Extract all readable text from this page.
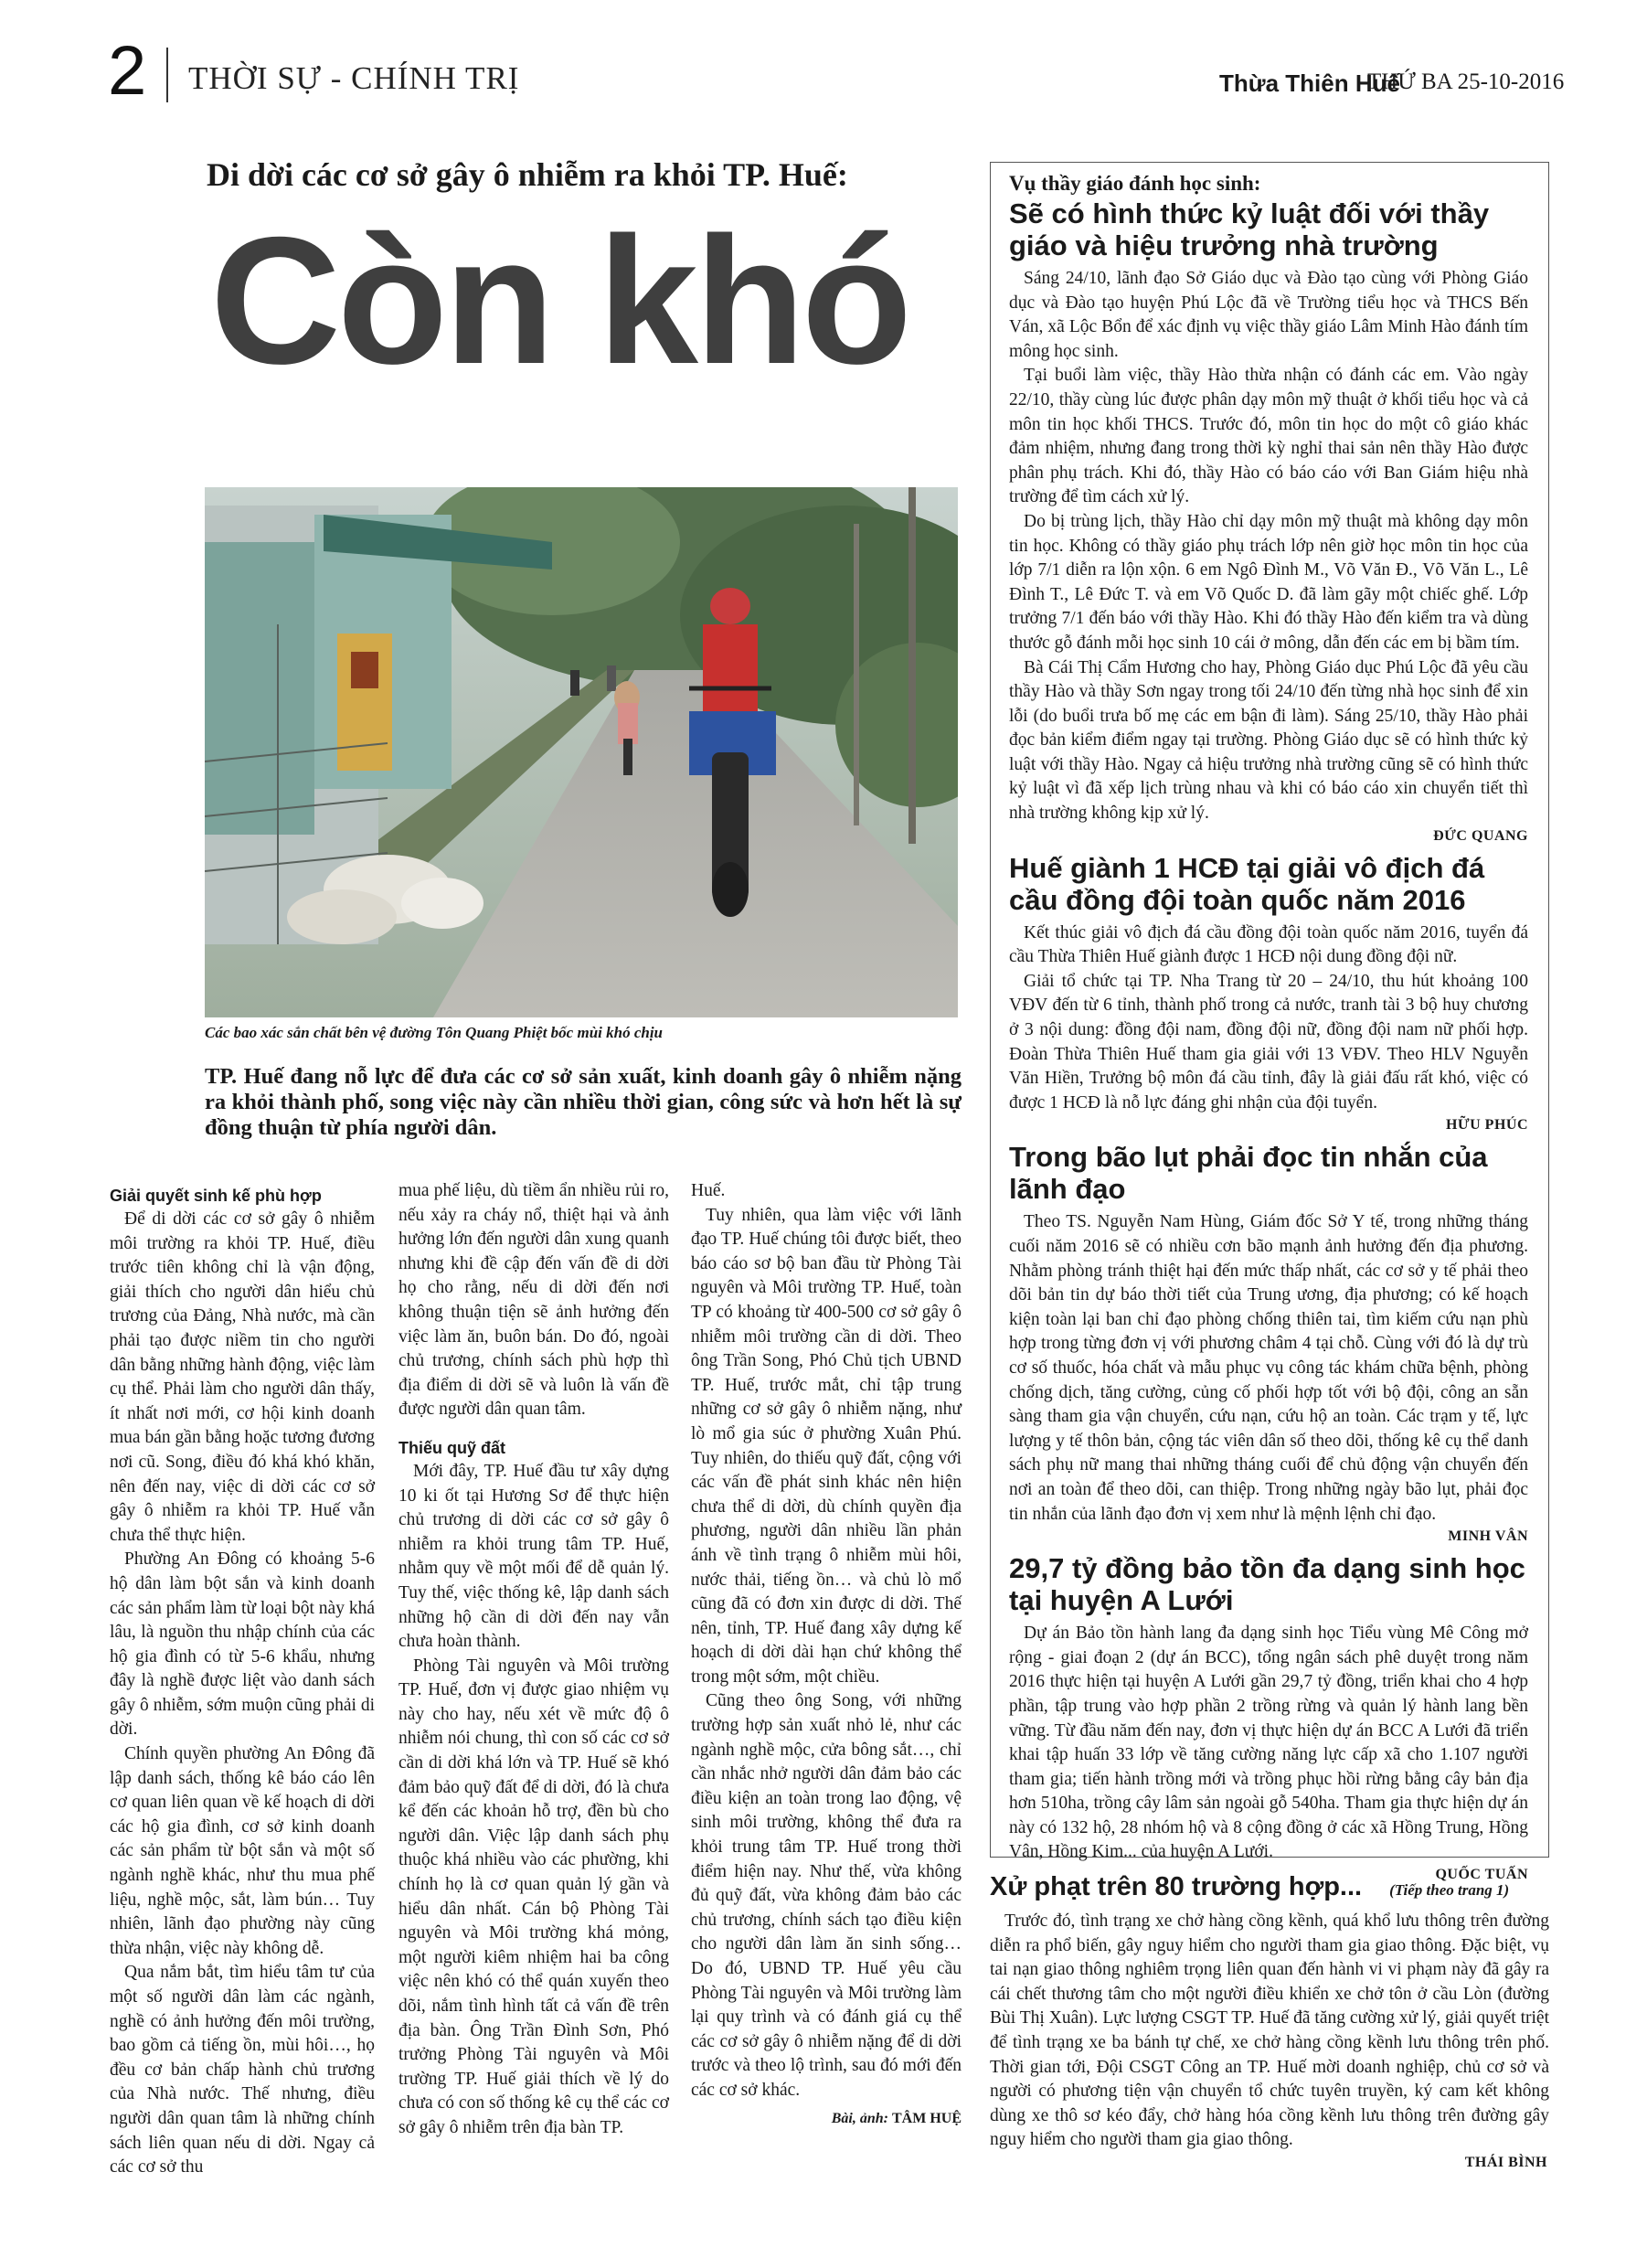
2 THỜI SỰ - CHÍNH TRỊ	Thừa Thiên Huế
THỨ BA 25-10-2016
Di dời các cơ sở gây ô nhiễm ra khỏi TP. Huế:
Còn khó
Các bao xác sắn chất bên vệ đường Tôn Quang Phiệt bốc mùi khó chịu
TP. Huế đang nỗ lực để đưa các cơ sở sản xuất, kinh doanh gây ô nhiễm nặng ra khỏi thành phố, song việc này cần nhiều thời gian, công sức và hơn hết là sự đồng thuận từ phía người dân.
Giải quyết sinh kế phù hợp

Để di dời các cơ sở gây ô nhiễm môi trường ra khỏi TP. Huế, điều trước tiên không chỉ là vận động, giải thích cho người dân hiểu chủ trương của Đảng, Nhà nước, mà cần phải tạo được niềm tin cho người dân bằng những hành động, việc làm cụ thể. Phải làm cho người dân thấy, ít nhất nơi mới, cơ hội kinh doanh mua bán gần bằng hoặc tương đương nơi cũ. Song, điều đó khá khó khăn, nên đến nay, việc di dời các cơ sở gây ô nhiễm ra khỏi TP. Huế vẫn chưa thể thực hiện.

Phường An Đông có khoảng 5-6 hộ dân làm bột sắn và kinh doanh các sản phẩm làm từ loại bột này khá lâu, là nguồn thu nhập chính của các hộ gia đình có từ 5-6 khẩu, nhưng đây là nghề được liệt vào danh sách gây ô nhiễm, sớm muộn cũng phải di dời.

Chính quyền phường An Đông đã lập danh sách, thống kê báo cáo lên cơ quan liên quan về kế hoạch di dời các hộ gia đình, cơ sở kinh doanh các sản phẩm từ bột sắn và một số ngành nghề khác, như thu mua phế liệu, nghề mộc, sắt, làm bún… Tuy nhiên, lãnh đạo phường này cũng thừa nhận, việc này không dễ.

Qua nắm bắt, tìm hiểu tâm tư của một số người dân làm các ngành, nghề có ảnh hưởng đến môi trường, bao gồm cả tiếng ồn, mùi hôi…, họ đều cơ bản chấp hành chủ trương của Nhà nước. Thế nhưng, điều người dân quan tâm là những chính sách liên quan nếu di dời. Ngay cả các cơ sở thu

mua phế liệu, dù tiềm ẩn nhiều rủi ro, nếu xảy ra cháy nổ, thiệt hại và ảnh hưởng lớn đến người dân xung quanh nhưng khi đề cập đến vấn đề di dời họ cho rằng, nếu di dời đến nơi không thuận tiện sẽ ảnh hưởng đến việc làm ăn, buôn bán. Do đó, ngoài chủ trương, chính sách phù hợp thì địa điểm di dời sẽ và luôn là vấn đề được người dân quan tâm.

Thiếu quỹ đất

Mới đây, TP. Huế đầu tư xây dựng 10 ki ốt tại Hương Sơ để thực hiện chủ trương di dời các cơ sở gây ô nhiễm ra khỏi trung tâm TP. Huế, nhằm quy về một mối để dễ quản lý. Tuy thế, việc thống kê, lập danh sách những hộ cần di dời đến nay vẫn chưa hoàn thành.

Phòng Tài nguyên và Môi trường TP. Huế, đơn vị được giao nhiệm vụ này cho hay, nếu xét về mức độ ô nhiễm nói chung, thì con số các cơ sở cần di dời khá lớn và TP. Huế sẽ khó đảm bảo quỹ đất để di dời, đó là chưa kể đến các khoản hỗ trợ, đền bù cho người dân. Việc lập danh sách phụ thuộc khá nhiều vào các phường, khi chính họ là cơ quan quản lý gần và hiểu dân nhất. Cán bộ Phòng Tài nguyên và Môi trường khá mỏng, một người kiêm nhiệm hai ba công việc nên khó có thể quán xuyến theo dõi, nắm tình hình tất cả vấn đề trên địa bàn. Ông Trần Đình Sơn, Phó trưởng Phòng Tài nguyên và Môi trường TP. Huế giải thích về lý do chưa có con số thống kê cụ thể các cơ sở gây ô nhiễm trên địa bàn TP.

Huế.

Tuy nhiên, qua làm việc với lãnh đạo TP. Huế chúng tôi được biết, theo báo cáo sơ bộ ban đầu từ Phòng Tài nguyên và Môi trường TP. Huế, toàn TP có khoảng từ 400-500 cơ sở gây ô nhiễm môi trường cần di dời. Theo ông Trần Song, Phó Chủ tịch UBND TP. Huế, trước mắt, chỉ tập trung những cơ sở gây ô nhiễm nặng, như lò mổ gia súc ở phường Xuân Phú. Tuy nhiên, do thiếu quỹ đất, cộng với các vấn đề phát sinh khác nên hiện chưa thể di dời, dù chính quyền địa phương, người dân nhiều lần phản ánh về tình trạng ô nhiễm mùi hôi, nước thải, tiếng ồn… và chủ lò mổ cũng đã có đơn xin được di dời. Thế nên, tỉnh, TP. Huế đang xây dựng kế hoạch di dời dài hạn chứ không thể trong một sớm, một chiều.

Cũng theo ông Song, với những trường hợp sản xuất nhỏ lẻ, như các ngành nghề mộc, cửa bông sắt…, chỉ cần nhắc nhở người dân đảm bảo các điều kiện an toàn trong lao động, vệ sinh môi trường, không thể đưa ra khỏi trung tâm TP. Huế trong thời điểm hiện nay. Như thế, vừa không đủ quỹ đất, vừa không đảm bảo các chủ trương, chính sách tạo điều kiện cho người dân làm ăn sinh sống… Do đó, UBND TP. Huế yêu cầu Phòng Tài nguyên và Môi trường làm lại quy trình và có đánh giá cụ thể các cơ sở gây ô nhiễm nặng để di dời trước và theo lộ trình, sau đó mới đến các cơ sở khác.

Bài, ảnh: TÂM HUỆ
Vụ thầy giáo đánh học sinh:
Sẽ có hình thức kỷ luật đối với thầy giáo và hiệu trưởng nhà trường

Sáng 24/10, lãnh đạo Sở Giáo dục và Đào tạo cùng với Phòng Giáo dục và Đào tạo huyện Phú Lộc đã về Trường tiểu học và THCS Bến Ván, xã Lộc Bổn để xác định vụ việc thầy giáo Lâm Minh Hào đánh tím mông học sinh.

Tại buổi làm việc, thầy Hào thừa nhận có đánh các em. Vào ngày 22/10, thầy cùng lúc được phân dạy môn mỹ thuật ở khối tiểu học và cả môn tin học khối THCS. Trước đó, môn tin học do một cô giáo khác đảm nhiệm, nhưng đang trong thời kỳ nghỉ thai sản nên thầy Hào được phân phụ trách. Khi đó, thầy Hào có báo cáo với Ban Giám hiệu nhà trường để tìm cách xử lý.

Do bị trùng lịch, thầy Hào chỉ dạy môn mỹ thuật mà không dạy môn tin học. Không có thầy giáo phụ trách lớp nên giờ học môn tin học của lớp 7/1 diễn ra lộn xộn. 6 em Ngô Đình M., Võ Văn Đ., Võ Văn L., Lê Đình T., Lê Đức T. và em Võ Quốc D. đã làm gãy một chiếc ghế. Lớp trưởng 7/1 đến báo với thầy Hào. Khi đó thầy Hào đến kiểm tra và dùng thước gỗ đánh mỗi học sinh 10 cái ở mông, dẫn đến các em bị bầm tím.

Bà Cái Thị Cẩm Hương cho hay, Phòng Giáo dục Phú Lộc đã yêu cầu thầy Hào và thầy Sơn ngay trong tối 24/10 đến từng nhà học sinh để xin lỗi (do buổi trưa bố mẹ các em bận đi làm). Sáng 25/10, thầy Hào phải đọc bản kiểm điểm ngay tại trường. Phòng Giáo dục sẽ có hình thức kỷ luật với thầy Hào. Ngay cả hiệu trưởng nhà trường cũng sẽ có hình thức kỷ luật vì đã xếp lịch trùng nhau và khi có báo cáo xin chuyển tiết thì nhà trường không kịp xử lý.

ĐỨC QUANG
Huế giành 1 HCĐ tại giải vô địch đá cầu đồng đội toàn quốc năm 2016

Kết thúc giải vô địch đá cầu đồng đội toàn quốc năm 2016, tuyển đá cầu Thừa Thiên Huế giành được 1 HCĐ nội dung đồng đội nữ.

Giải tổ chức tại TP. Nha Trang từ 20 – 24/10, thu hút khoảng 100 VĐV đến từ 6 tỉnh, thành phố trong cả nước, tranh tài 3 bộ huy chương ở 3 nội dung: đồng đội nam, đồng đội nữ, đồng đội nam nữ phối hợp. Đoàn Thừa Thiên Huế tham gia giải với 13 VĐV. Theo HLV Nguyễn Văn Hiền, Trưởng bộ môn đá cầu tỉnh, đây là giải đấu rất khó, việc có được 1 HCĐ là nỗ lực đáng ghi nhận của đội tuyển.

HỮU PHÚC
Trong bão lụt phải đọc tin nhắn của lãnh đạo

Theo TS. Nguyễn Nam Hùng, Giám đốc Sở Y tế, trong những tháng cuối năm 2016 sẽ có nhiều cơn bão mạnh ảnh hưởng đến địa phương. Nhằm phòng tránh thiệt hại đến mức thấp nhất, các cơ sở y tế phải theo dõi bản tin dự báo thời tiết của Trung ương, địa phương; có kế hoạch kiện toàn lại ban chỉ đạo phòng chống thiên tai, tìm kiếm cứu nạn phù hợp trong từng đơn vị với phương châm 4 tại chỗ. Cùng với đó là dự trù cơ số thuốc, hóa chất và mẫu phục vụ công tác khám chữa bệnh, phòng chống dịch, tăng cường, củng cố phối hợp tốt với bộ đội, công an sẵn sàng tham gia vận chuyển, cứu nạn, cứu hộ an toàn. Các trạm y tế, lực lượng y tế thôn bản, cộng tác viên dân số theo dõi, thống kê cụ thể danh sách phụ nữ mang thai những tháng cuối để chủ động vận chuyển đến nơi an toàn để theo dõi, can thiệp. Trong những ngày bão lụt, phải đọc tin nhắn của lãnh đạo đơn vị xem như là mệnh lệnh chỉ đạo.

MINH VÂN
29,7 tỷ đồng bảo tồn đa dạng sinh học tại huyện A Lưới

Dự án Bảo tồn hành lang đa dạng sinh học Tiểu vùng Mê Công mở rộng - giai đoạn 2 (dự án BCC), tổng ngân sách phê duyệt trong năm 2016 thực hiện tại huyện A Lưới gần 29,7 tỷ đồng, triển khai cho 4 hợp phần, tập trung vào hợp phần 2 trồng rừng và quản lý hành lang bền vững. Từ đầu năm đến nay, đơn vị thực hiện dự án BCC A Lưới đã triển khai tập huấn 33 lớp về tăng cường năng lực cấp xã cho 1.107 người tham gia; tiến hành trồng mới và trồng phục hồi rừng bằng cây bản địa hơn 510ha, trồng cây lâm sản ngoài gỗ 540ha. Tham gia thực hiện dự án này có 132 hộ, 28 nhóm hộ và 8 cộng đồng ở các xã Hồng Trung, Hồng Vân, Hồng Kim... của huyện A Lưới.

QUỐC TUẤN
Xử phạt trên 80 trường hợp... (Tiếp theo trang 1)

Trước đó, tình trạng xe chở hàng cồng kềnh, quá khổ lưu thông trên đường diễn ra phổ biến, gây nguy hiểm cho người tham gia giao thông. Đặc biệt, vụ tai nạn giao thông nghiêm trọng liên quan đến hành vi vi phạm này đã gây ra cái chết thương tâm cho một người điều khiển xe chở tôn ở cầu Lòn (đường Bùi Thị Xuân). Lực lượng CSGT TP. Huế đã tăng cường xử lý, giải quyết triệt để tình trạng xe ba bánh tự chế, xe chở hàng cồng kềnh lưu thông trên phố. Thời gian tới, Đội CSGT Công an TP. Huế mời doanh nghiệp, chủ cơ sở và người có phương tiện vận chuyển tổ chức tuyên truyền, ký cam kết không dùng xe thô sơ kéo đẩy, chở hàng hóa cồng kềnh lưu thông trên đường gây nguy hiểm cho người tham gia giao thông.

THÁI BÌNH
